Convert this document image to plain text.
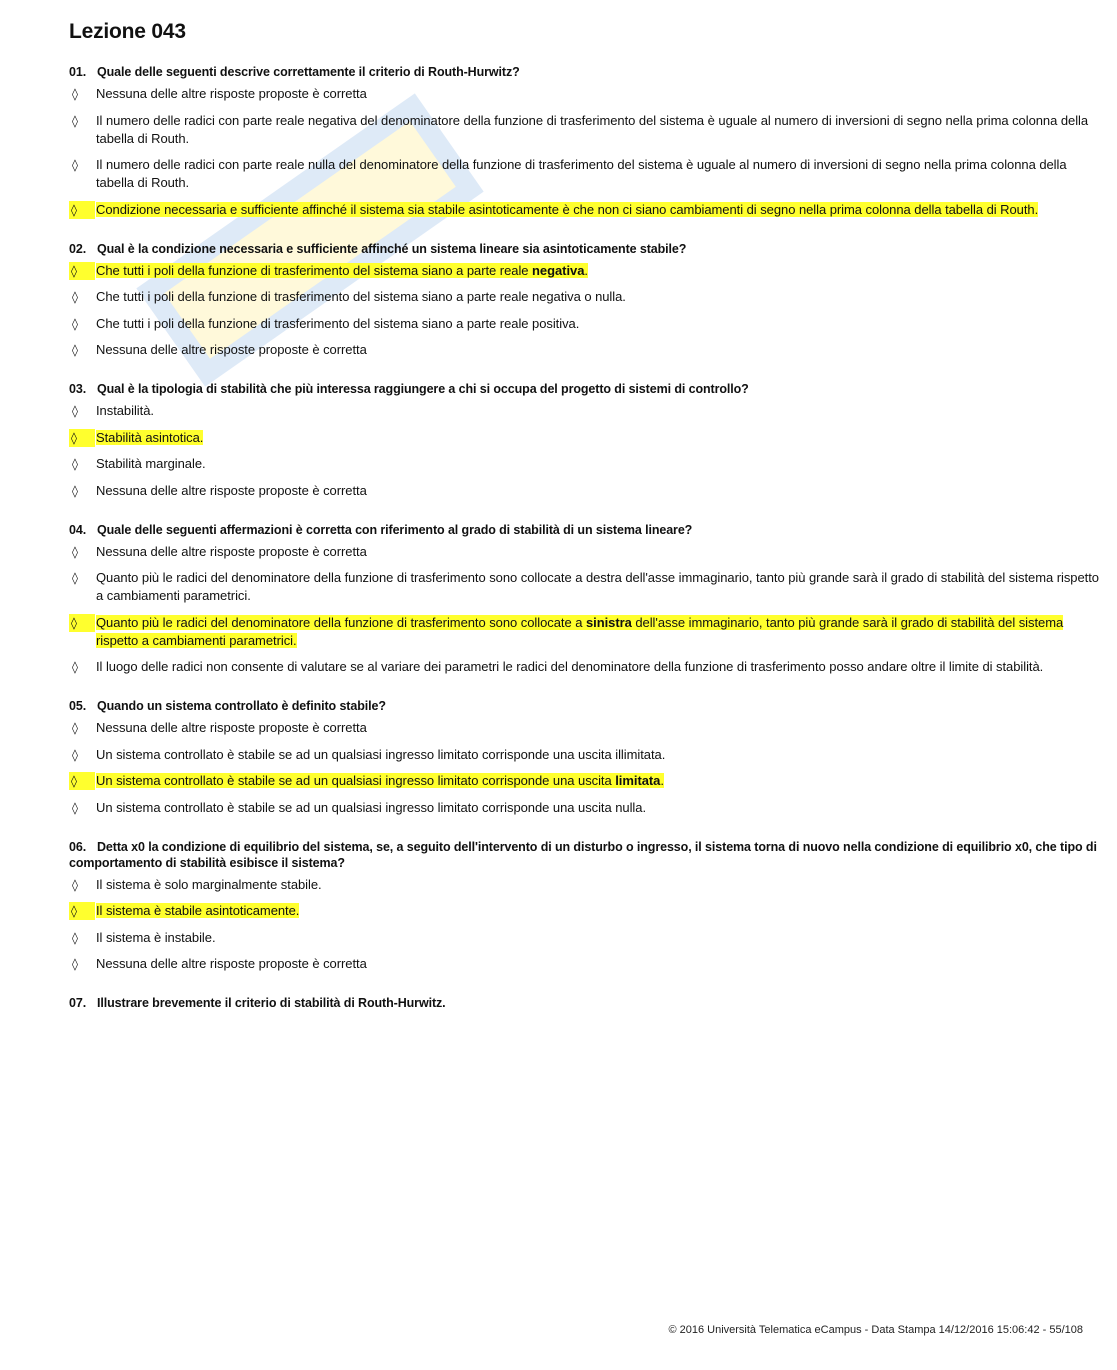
Lezione 043
01. Quale delle seguenti descrive correttamente il criterio di Routh-Hurwitz?
◊ Nessuna delle altre risposte proposte è corretta
◊ Il numero delle radici con parte reale negativa del denominatore della funzione di trasferimento del sistema è uguale al numero di inversioni di segno nella prima colonna della tabella di Routh.
◊ Il numero delle radici con parte reale nulla del denominatore della funzione di trasferimento del sistema è uguale al numero di inversioni di segno nella prima colonna della tabella di Routh.
◊	Condizione necessaria e sufficiente affinché il sistema sia stabile asintoticamente è che non ci siano cambiamenti di segno nella prima colonna della tabella di Routh.
02. Qual è la condizione necessaria e sufficiente affinché un sistema lineare sia asintoticamente stabile?
◊	Che tutti i poli della funzione di trasferimento del sistema siano a parte reale negativa.
◊ Che tutti i poli della funzione di trasferimento del sistema siano a parte reale negativa o nulla.
◊ Che tutti i poli della funzione di trasferimento del sistema siano a parte reale positiva.
◊ Nessuna delle altre risposte proposte è corretta
03. Qual è la tipologia di stabilità che più interessa raggiungere a chi si occupa del progetto di sistemi di controllo?
◊ Instabilità.
◊	Stabilità asintotica.
◊ Stabilità marginale.
◊ Nessuna delle altre risposte proposte è corretta
04. Quale delle seguenti affermazioni è corretta con riferimento al grado di stabilità di un sistema lineare?
◊ Nessuna delle altre risposte proposte è corretta
◊ Quanto più le radici del denominatore della funzione di trasferimento sono collocate a destra dell'asse immaginario, tanto più grande sarà il grado di stabilità del sistema rispetto a cambiamenti parametrici.
◊	Quanto più le radici del denominatore della funzione di trasferimento sono collocate a sinistra dell'asse immaginario, tanto più grande sarà il grado di stabilità del sistema rispetto a cambiamenti parametrici.
◊ Il luogo delle radici non consente di valutare se al variare dei parametri le radici del denominatore della funzione di trasferimento posso andare oltre il limite di stabilità.
05. Quando un sistema controllato è definito stabile?
◊ Nessuna delle altre risposte proposte è corretta
◊ Un sistema controllato è stabile se ad un qualsiasi ingresso limitato corrisponde una uscita illimitata.
◊	Un sistema controllato è stabile se ad un qualsiasi ingresso limitato corrisponde una uscita limitata.
◊ Un sistema controllato è stabile se ad un qualsiasi ingresso limitato corrisponde una uscita nulla.
06. Detta x0 la condizione di equilibrio del sistema, se, a seguito dell'intervento di un disturbo o ingresso, il sistema torna di nuovo nella condizione di equilibrio x0, che tipo di comportamento di stabilità esibisce il sistema?
◊ Il sistema è solo marginalmente stabile.
◊	Il sistema è stabile asintoticamente.
◊ Il sistema è instabile.
◊ Nessuna delle altre risposte proposte è corretta
07. Illustrare brevemente il criterio di stabilità di Routh-Hurwitz.
© 2016 Università Telematica eCampus - Data Stampa 14/12/2016 15:06:42 - 55/108
